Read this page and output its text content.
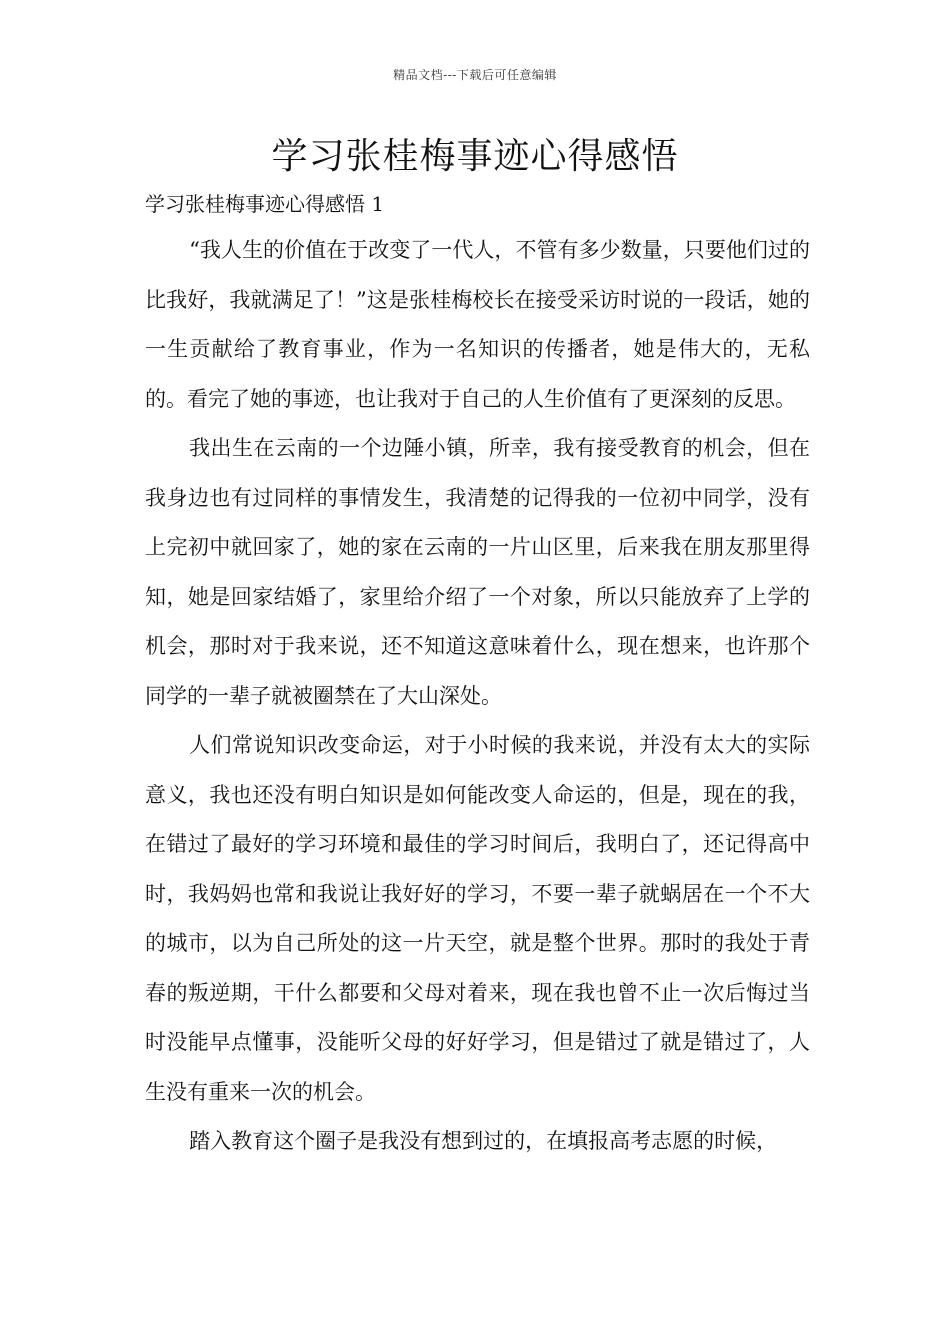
精品文档---下载后可任意编辑
学习张桂梅事迹心得感悟

学习张桂梅事迹心得感悟 1

“我人生的价值在于改变了一代人，不管有多少数量，只要他们过的比我好，我就满足了！”这是张桂梅校长在接受采访时说的一段话，她的一生贡献给了教育事业，作为一名知识的传播者，她是伟大的，无私的。看完了她的事迹，也让我对于自己的人生价值有了更深刻的反思。

我出生在云南的一个边陲小镇，所幸，我有接受教育的机会，但在我身边也有过同样的事情发生，我清楚的记得我的一位初中同学，没有上完初中就回家了，她的家在云南的一片山区里，后来我在朋友那里得知，她是回家结婚了，家里给介绍了一个对象，所以只能放弃了上学的机会，那时对于我来说，还不知道这意味着什么，现在想来，也许那个同学的一辈子就被圈禁在了大山深处。

人们常说知识改变命运，对于小时候的我来说，并没有太大的实际意义，我也还没有明白知识是如何能改变人命运的，但是，现在的我，在错过了最好的学习环境和最佳的学习时间后，我明白了，还记得高中时，我妈妈也常和我说让我好好的学习，不要一辈子就蜗居在一个不大的城市，以为自己所处的这一片天空，就是整个世界。那时的我处于青春的叛逆期，干什么都要和父母对着来，现在我也曾不止一次后悔过当时没能早点懂事，没能听父母的好好学习，但是错过了就是错过了，人生没有重来一次的机会。

踏入教育这个圈子是我没有想到过的，在填报高考志愿的时候，
